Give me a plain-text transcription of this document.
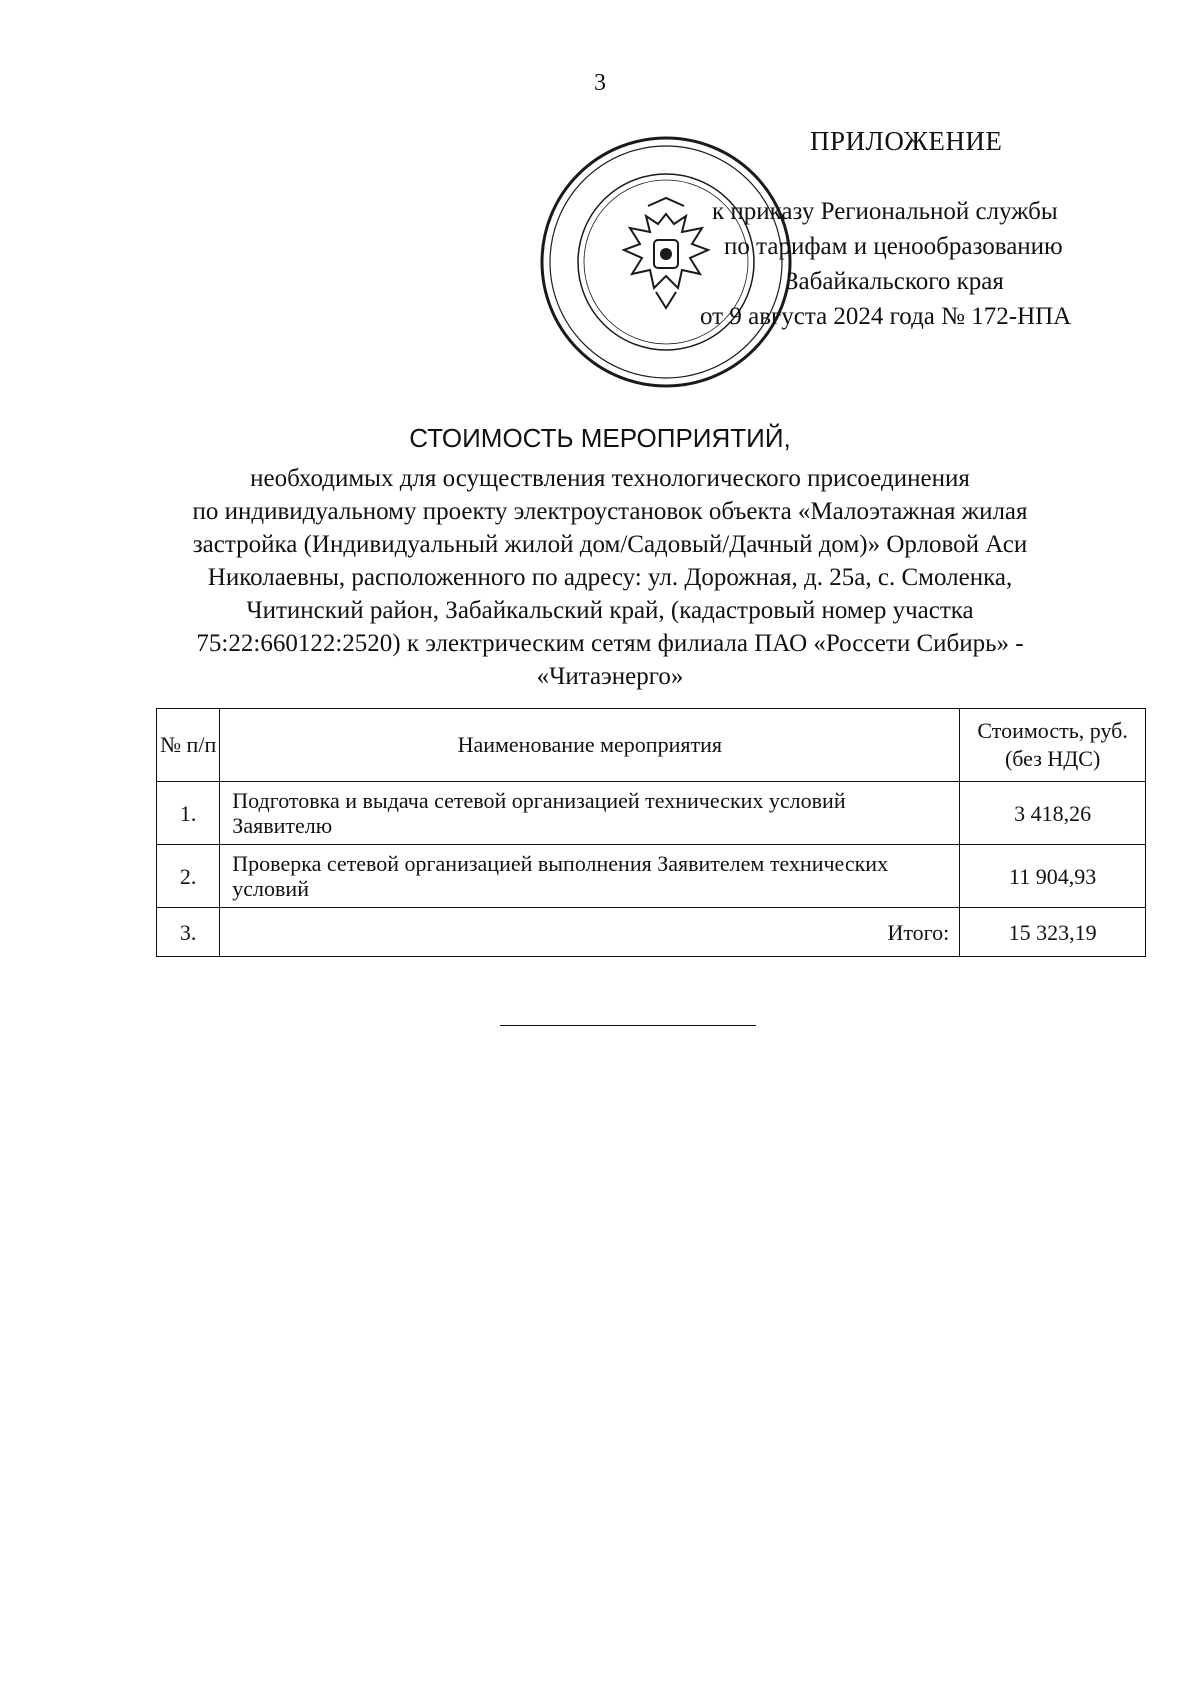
3
ПРИЛОЖЕНИЕ
к приказу Региональной службы
по тарифам и ценообразованию
Забайкальского края
от 9 августа 2024 года № 172-НПА
СТОИМОСТЬ МЕРОПРИЯТИЙ,
необходимых для осуществления технологического присоединения
по индивидуальному проекту электроустановок объекта «Малоэтажная жилая
застройка (Индивидуальный жилой дом/Садовый/Дачный дом)» Орловой Аси
Николаевны, расположенного по адресу: ул. Дорожная, д. 25а, с. Смоленка,
Читинский район, Забайкальский край, (кадастровый номер участка
75:22:660122:2520) к электрическим сетям филиала ПАО «Россети Сибирь» -
«Читаэнерго»
№ п/п	Наименование мероприятия	Стоимость, руб. (без НДС)
1.	Подготовка и выдача сетевой организацией технических условий Заявителю	3 418,26
2.	Проверка сетевой организацией выполнения Заявителем технических условий	11 904,93
3.	Итого:	15 323,19
